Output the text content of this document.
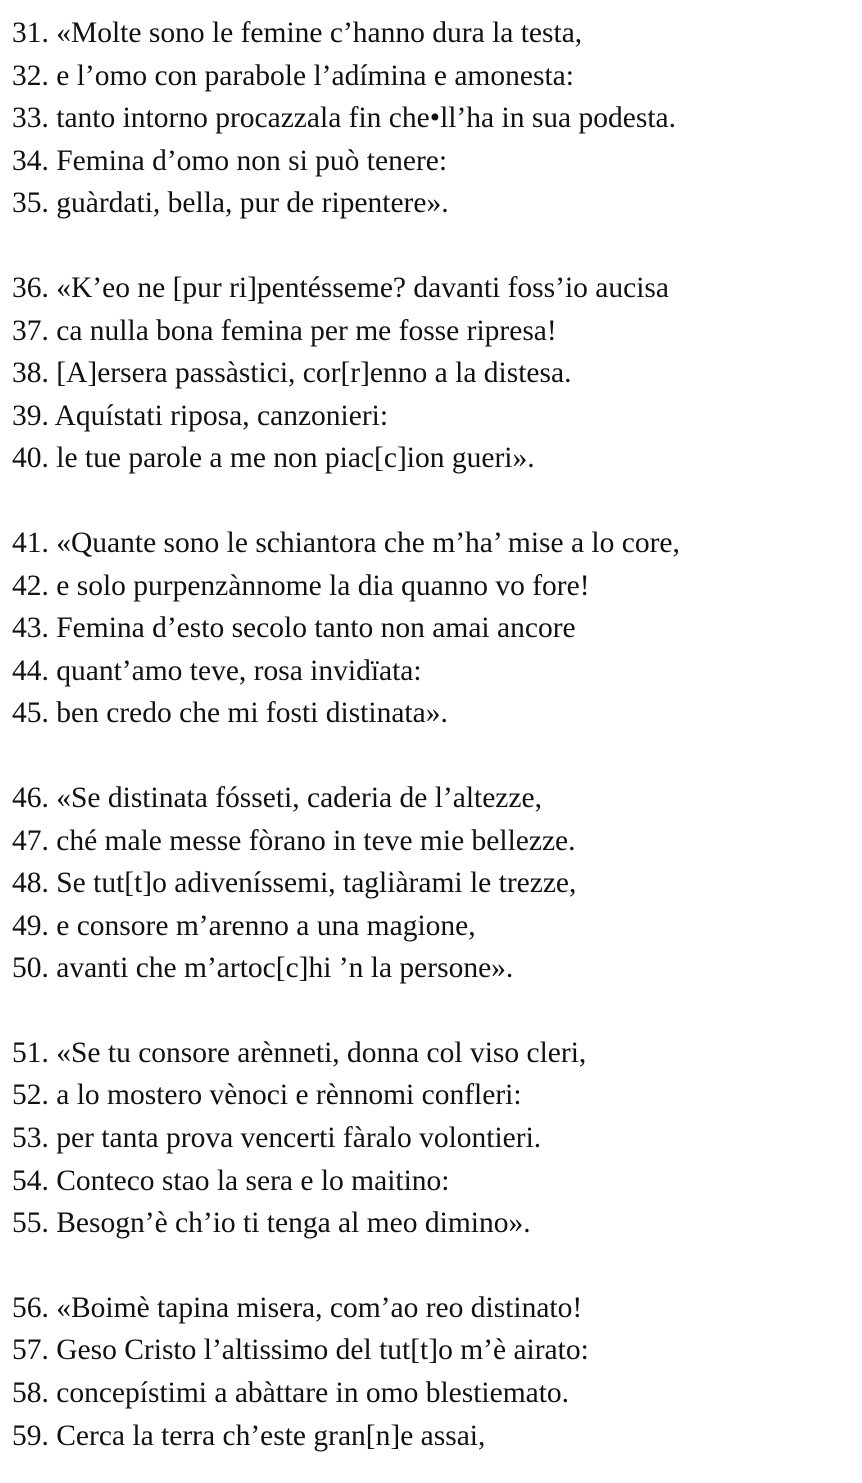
31. «Molte sono le femine c’hanno dura la testa,
32. e l’omo con parabole l’adímina e amonesta:
33. tanto intorno procazzala fin che•ll’ha in sua podesta.
34. Femina d’omo non si può tenere:
35. guàrdati, bella, pur de ripentere».
36. «K’eo ne [pur ri]pentésseme? davanti foss’io aucisa
37. ca nulla bona femina per me fosse ripresa!
38. [A]ersera passàstici, cor[r]enno a la distesa.
39. Aquístati riposa, canzonieri:
40. le tue parole a me non piac[c]ion gueri».
41. «Quante sono le schiantora che m’ha’ mise a lo core,
42. e solo purpenzànnome la dia quanno vo fore!
43. Femina d’esto secolo tanto non amai ancore
44. quant’amo teve, rosa invidïata:
45. ben credo che mi fosti distinata».
46. «Se distinata fósseti, caderia de l’altezze,
47. ché male messe fòrano in teve mie bellezze.
48. Se tut[t]o adiveníssemi, tagliàrami le trezze,
49. e consore m’arenno a una magione,
50. avanti che m’artoc[c]hi ’n la persone».
51. «Se tu consore arènneti, donna col viso cleri,
52. a lo mostero vènoci e rènnomi confleri:
53. per tanta prova vencerti fàralo volontieri.
54. Conteco stao la sera e lo maitino:
55. Besogn’è ch’io ti tenga al meo dimino».
56. «Boimè tapina misera, com’ao reo distinato!
57. Geso Cristo l’altissimo del tut[t]o m’è airato:
58. concepístimi a abàttare in omo blestiemato.
59. Cerca la terra ch’este gran[n]e assai,
